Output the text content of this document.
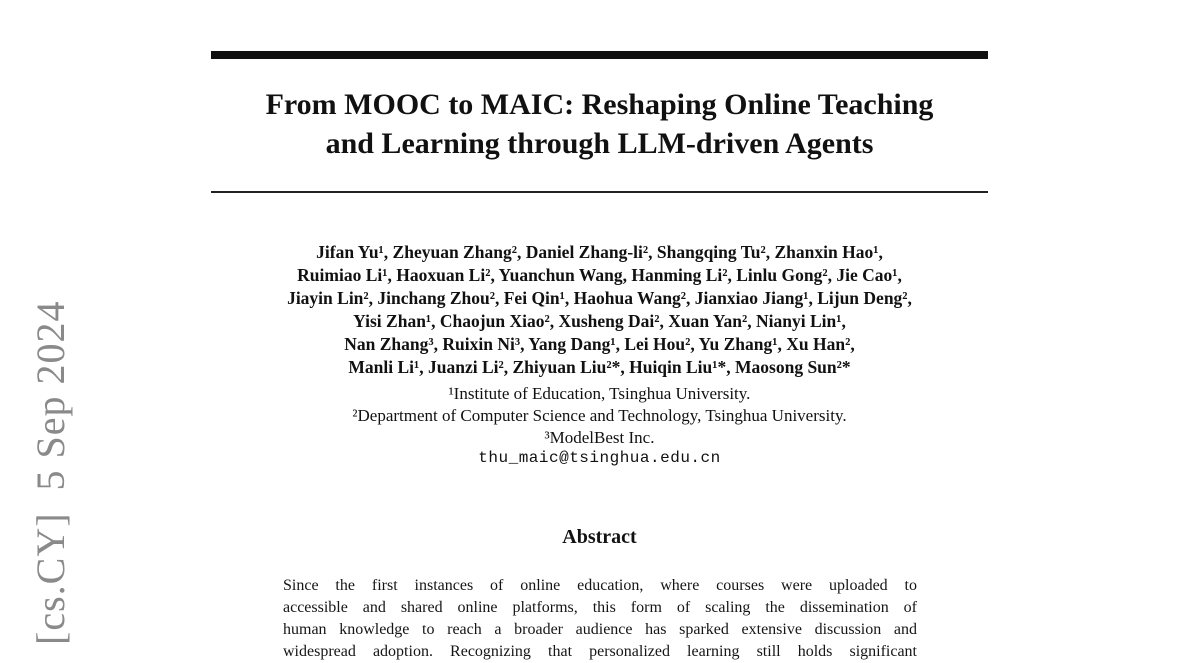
[cs.CY]  5 Sep 2024
From MOOC to MAIC: Reshaping Online Teaching
and Learning through LLM-driven Agents
Jifan Yu¹, Zheyuan Zhang², Daniel Zhang-li², Shangqing Tu², Zhanxin Hao¹,
Ruimiao Li¹, Haoxuan Li², Yuanchun Wang, Hanming Li², Linlu Gong², Jie Cao¹,
Jiayin Lin², Jinchang Zhou², Fei Qin¹, Haohua Wang², Jianxiao Jiang¹, Lijun Deng²,
Yisi Zhan¹, Chaojun Xiao², Xusheng Dai², Xuan Yan², Nianyi Lin¹,
Nan Zhang³, Ruixin Ni³, Yang Dang¹, Lei Hou², Yu Zhang¹, Xu Han²,
Manli Li¹, Juanzi Li², Zhiyuan Liu²*, Huiqin Liu¹*, Maosong Sun²*
¹Institute of Education, Tsinghua University.
²Department of Computer Science and Technology, Tsinghua University.
³ModelBest Inc.
thu_maic@tsinghua.edu.cn
Abstract
Since the first instances of online education, where courses were uploaded to
accessible and shared online platforms, this form of scaling the dissemination of
human knowledge to reach a broader audience has sparked extensive discussion and
widespread adoption. Recognizing that personalized learning still holds significant
